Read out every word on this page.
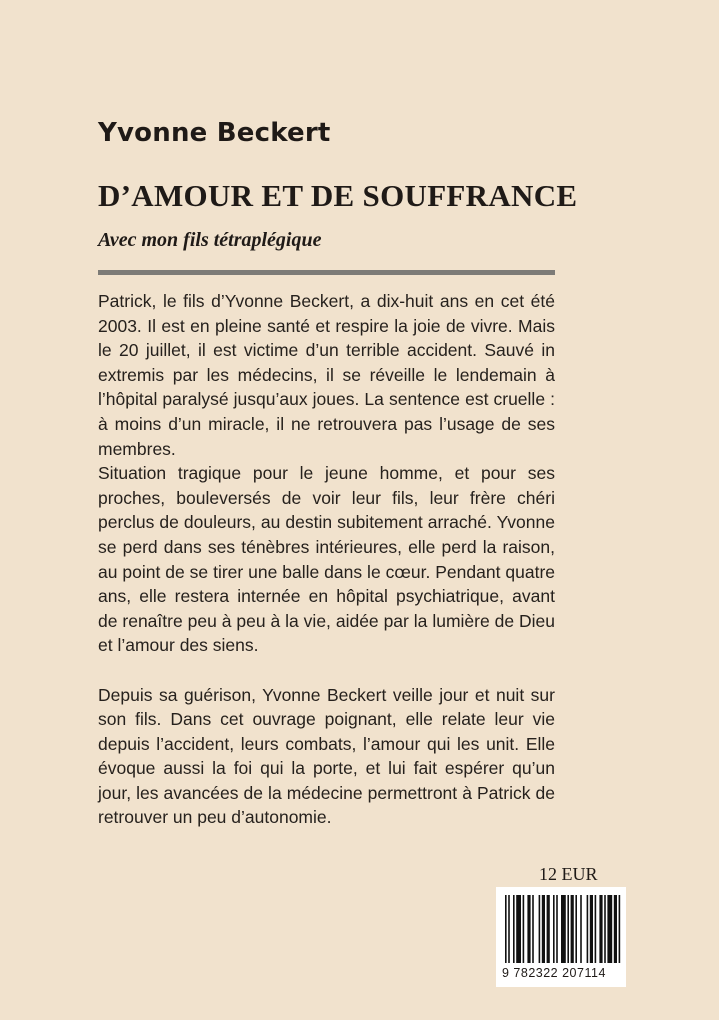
Yvonne Beckert
D’AMOUR ET DE SOUFFRANCE
Avec mon fils tétraplégique

Patrick, le fils d’Yvonne Beckert, a dix-huit ans en cet été 2003. Il est en pleine santé et respire la joie de vivre. Mais le 20 juillet, il est victime d’un terrible accident. Sauvé in extremis par les médecins, il se réveille le lendemain à l’hôpital paralysé jusqu’aux joues. La sentence est cruelle : à moins d’un miracle, il ne retrouvera pas l’usage de ses membres.

Situation tragique pour le jeune homme, et pour ses proches, bouleversés de voir leur fils, leur frère chéri perclus de douleurs, au destin subitement arraché. Yvonne se perd dans ses ténèbres intérieures, elle perd la raison, au point de se tirer une balle dans le cœur. Pendant quatre ans, elle restera internée en hôpital psychiatrique, avant de renaître peu à peu à la vie, aidée par la lumière de Dieu et l’amour des siens.

Depuis sa guérison, Yvonne Beckert veille jour et nuit sur son fils. Dans cet ouvrage poignant, elle relate leur vie depuis l’accident, leurs combats, l’amour qui les unit. Elle évoque aussi la foi qui la porte, et lui fait espérer qu’un jour, les avancées de la médecine permettront à Patrick de retrouver un peu d’autonomie.

12 EUR
9 782322 207114
